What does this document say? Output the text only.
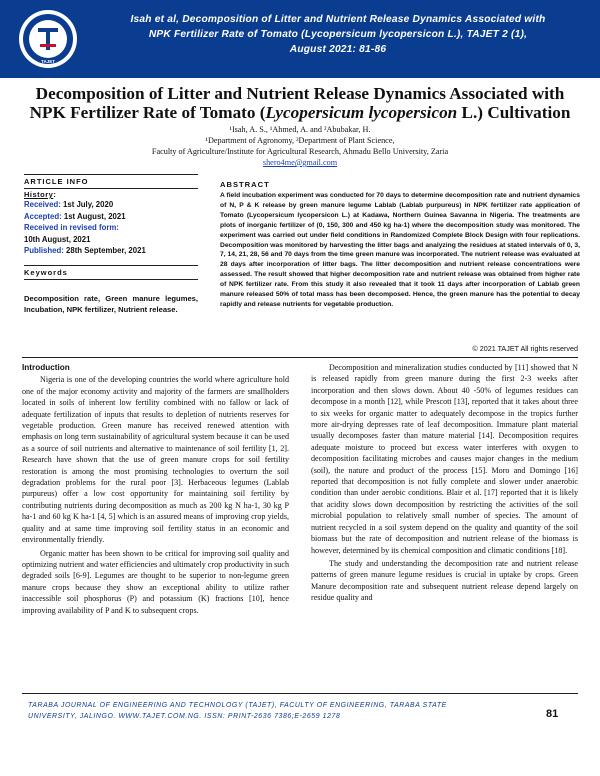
TAJET
Isah et al, Decomposition of Litter and Nutrient Release Dynamics Associated with
NPK Fertilizer Rate of Tomato (Lycopersicum lycopersicon L.), TAJET 2 (1),
August 2021: 81-86
Decomposition of Litter and Nutrient Release Dynamics Associated with
NPK Fertilizer Rate of Tomato (Lycopersicum lycopersicon L.) Cultivation
¹Isah, A. S., ¹Ahmed, A. and ²Abubakar, H.
¹Department of Agronomy, ²Department of Plant Science,
Faculty of Agriculture/Institute for Agricultural Research, Ahmadu Bello University, Zaria
shero4me@gmail.com
ARTICLE INFO
History:
Received: 1st July, 2020
Accepted: 1st August, 2021
Received in revised form:
10th August, 2021
Published: 28th September, 2021
Keywords
Decomposition rate, Green manure legumes, Incubation, NPK fertilizer, Nutrient release.
ABSTRACT
A field incubation experiment was conducted for 70 days to determine decomposition rate and nutrient dynamics of N, P & K release by green manure legume Lablab (Lablab purpureus) in NPK fertilizer rate application of Tomato (Lycopersicum lycopersicon L.) at Kadawa, Northern Guinea Savanna in Nigeria. The treatments are plots of inorganic fertilizer of (0, 150, 300 and 450 kg ha-1) where the decomposition study was monitored. The experiment was carried out under field conditions in Randomized Complete Block Design with four replications. Decomposition was monitored by harvesting the litter bags and analyzing the residues at stated intervals of 0, 3, 7, 14, 21, 28, 56 and 70 days from the time green manure was incorporated. The nutrient release was evaluated at 28 days after incorporation of litter bags. The litter decomposition and nutrient release concentrations were assessed. The result showed that higher decomposition rate and nutrient release was obtained from higher rate of NPK fertilizer rate. From this study it also revealed that it took 11 days after incorporation of Lablab green manure released 50% of total mass has been decomposed. Hence, the green manure has the potential to decay rapidly and release nutrients for vegetable production.
© 2021 TAJET All rights reserved
Introduction

Nigeria is one of the developing countries the world where agriculture hold one of the major economy activity and majority of the farmers are smallholders located in soils of inherent low fertility combined with no fallow or lack of adequate fertilization of inputs that results to depletion of nutrients reserves for vegetable production. Green manure has received renewed attention with emphasis on long term sustainability of agricultural system because it can be used as a source of soil nutrients and alternative to maintenance of soil fertility [1, 2]. Research have shown that the use of green manure crops for soil fertility restoration is among the most promising technologies to overturn the soil degradation problems for the rural poor [3]. Herbaceous legumes (Lablab purpureus) offer a low cost opportunity for maintaining soil fertility by contributing nutrients during decomposition as much as 200 kg N ha-1, 30 kg P ha-1 and 60 kg K ha-1 [4, 5] which is an assured means of improving crop yields, quality and at same time improving soil fertility status in an economic and environmentally friendly.

Organic matter has been shown to be critical for improving soil quality and optimizing nutrient and water efficiencies and ultimately crop productivity in such degraded soils [6-9]. Legumes are thought to be superior to non-legume green manure crops because they show an exceptional ability to utilize rather inaccessible soil phosphorus (P) and potassium (K) fractions [10], hence improving availability of P and K to subsequent crops.

Decomposition and mineralization studies conducted by [11] showed that N is released rapidly from green manure during the first 2-3 weeks after incorporation and then slows down. About 40 -50% of legumes residues can decompose in a month [12], while Prescott [13], reported that it takes about three to six weeks for organic matter to adequately decompose in the tropics further more air-drying depresses rate of leaf decomposition. Immature plant material usually decomposes faster than mature material [14]. Decomposition requires adequate moisture to proceed but excess water interferes with oxygen to decomposition facilitating microbes and causes major changes in the medium (soil), the nature and product of the process [15]. Moro and Domingo [16] reported that decomposition is not fully complete and slower under anaerobic condition than under aerobic conditions. Blair et al. [17] reported that it is likely that acidity slows down decomposition by restricting the activities of the soil microbial population to relatively small number of species. The amount of nutrient recycled in a soil system depend on the quality and quantity of the soil biomass but the rate of decomposition and nutrient release of the biomass is however, determined by its chemical composition and climatic conditions [18].

The study and understanding the decomposition rate and nutrient release patterns of green manure legume residues is crucial in uptake by crops. Green Manure decomposition rate and subsequent nutrient release depend largely on residue quality and

TARABA JOURNAL OF ENGINEERING AND TECHNOLOGY (TAJET), FACULTY OF ENGINEERING, TARABA STATE UNIVERSITY, JALINGO. WWW.TAJET.COM.NG. ISSN: PRINT-2636 7386;E-2659 1278	81
